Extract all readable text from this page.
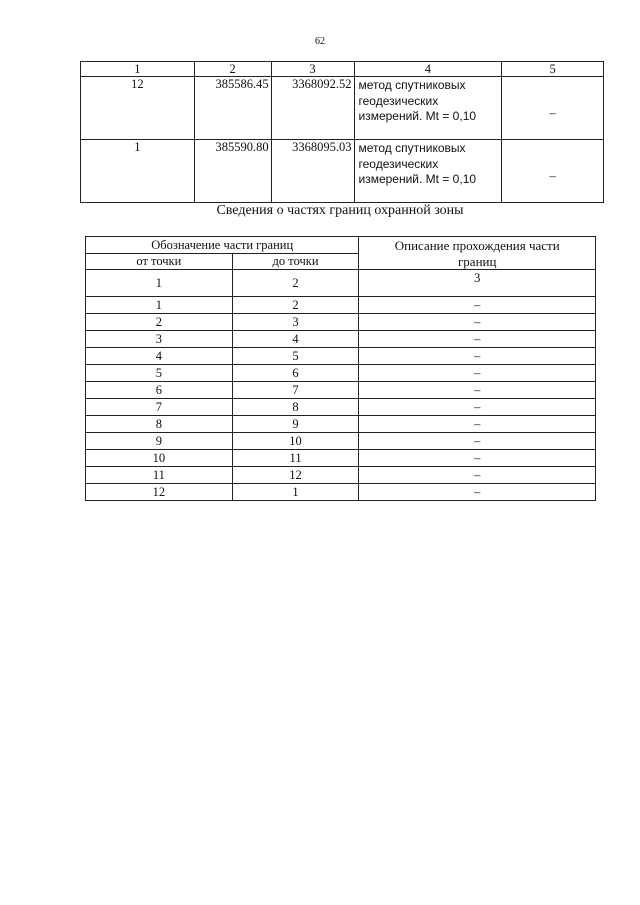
62
1	2	3	4	5
12	385586.45	3368092.52	метод спутниковых
геодезических
измерений. Mt = 0,10	–
1	385590.80	3368095.03	метод спутниковых
геодезических
измерений. Mt = 0,10	–
Сведения о частях границ охранной зоны
Обозначение части границ		Описание прохождения части
границ

от точки	до точки	
1	2	3
1	2	–
2	3	–
3	4	–
4	5	–
5	6	–
6	7	–
7	8	–
8	9	–
9	10	–
10	11	–
11	12	–
12	1	–
